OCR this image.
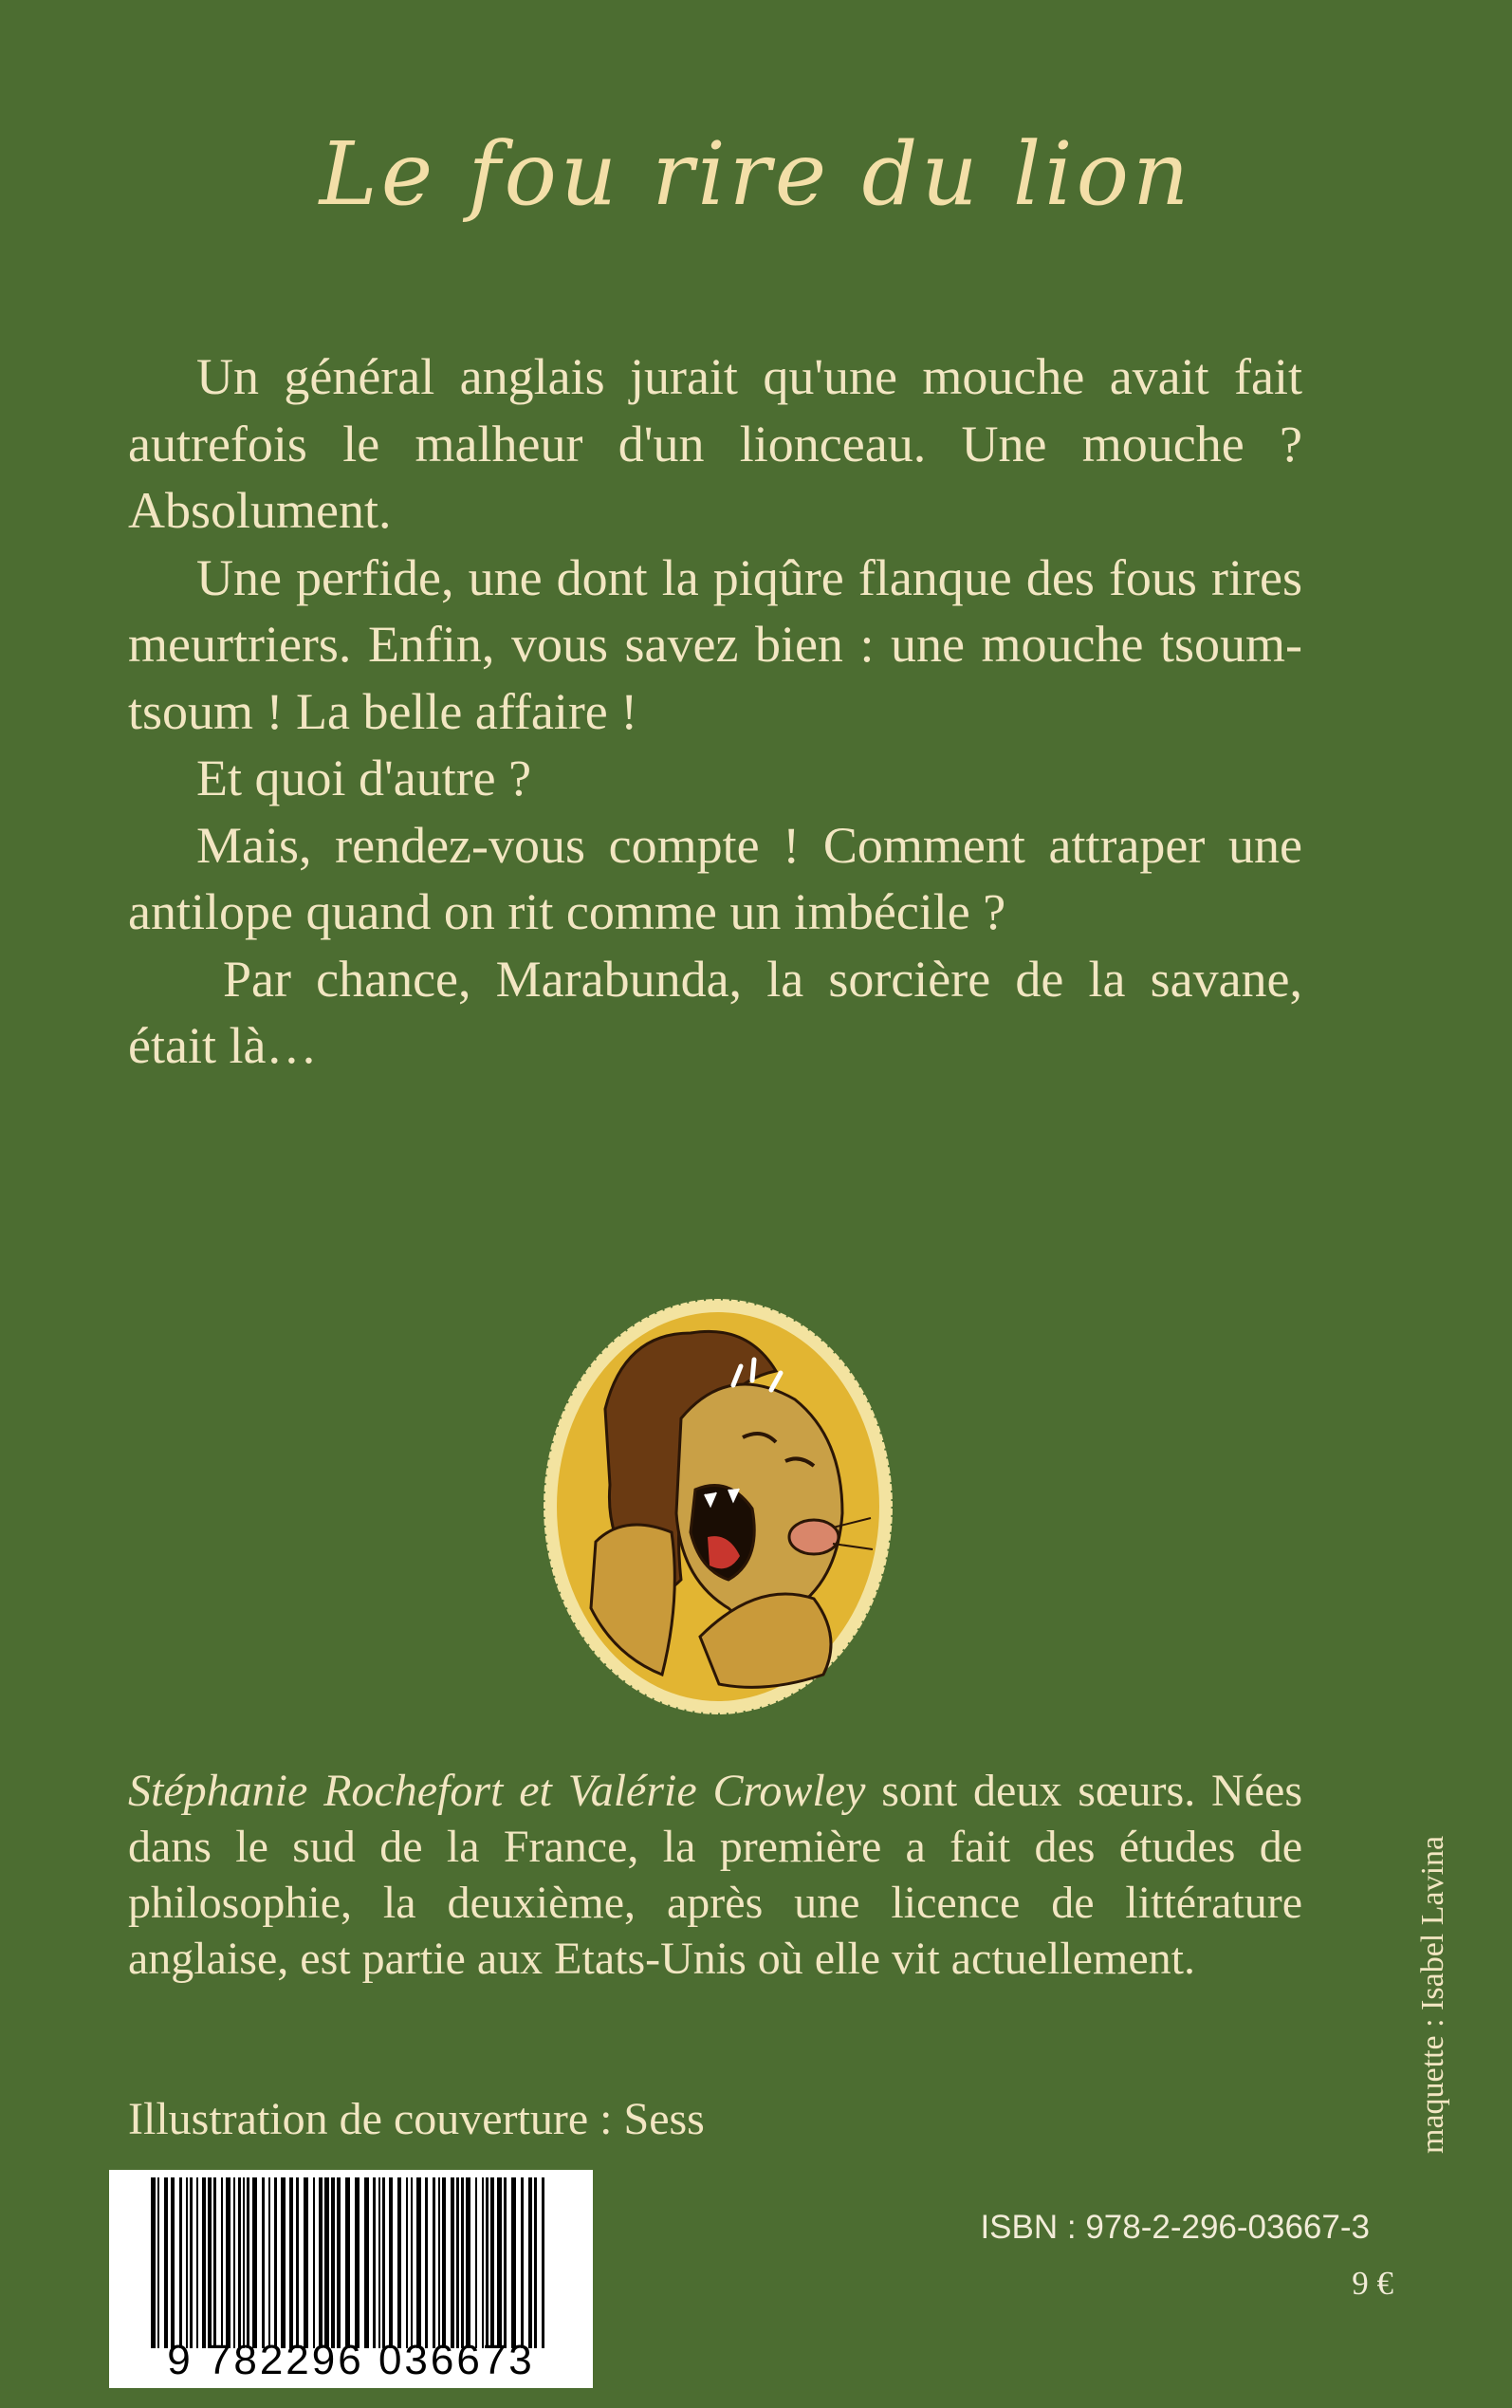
Le fou rire du lion

Un général anglais jurait qu'une mouche avait fait autrefois le malheur d'un lionceau. Une mouche ? Absolument.

Une perfide, une dont la piqûre flanque des fous rires meurtriers. Enfin, vous savez bien : une mouche tsoum-tsoum ! La belle affaire !

Et quoi d'autre ?

Mais, rendez-vous compte ! Comment attraper une antilope quand on rit comme un imbécile ?

Par chance, Marabunda, la sorcière de la savane, était là…

Stéphanie Rochefort et Valérie Crowley sont deux sœurs. Nées dans le sud de la France, la première a fait des études de philosophie, la deuxième, après une licence de littérature anglaise, est partie aux Etats-Unis où elle vit actuellement.

Illustration de couverture : Sess	maquette : Isabel Lavina
9 782296 036673
ISBN : 978-2-296-03667-3
9 €
